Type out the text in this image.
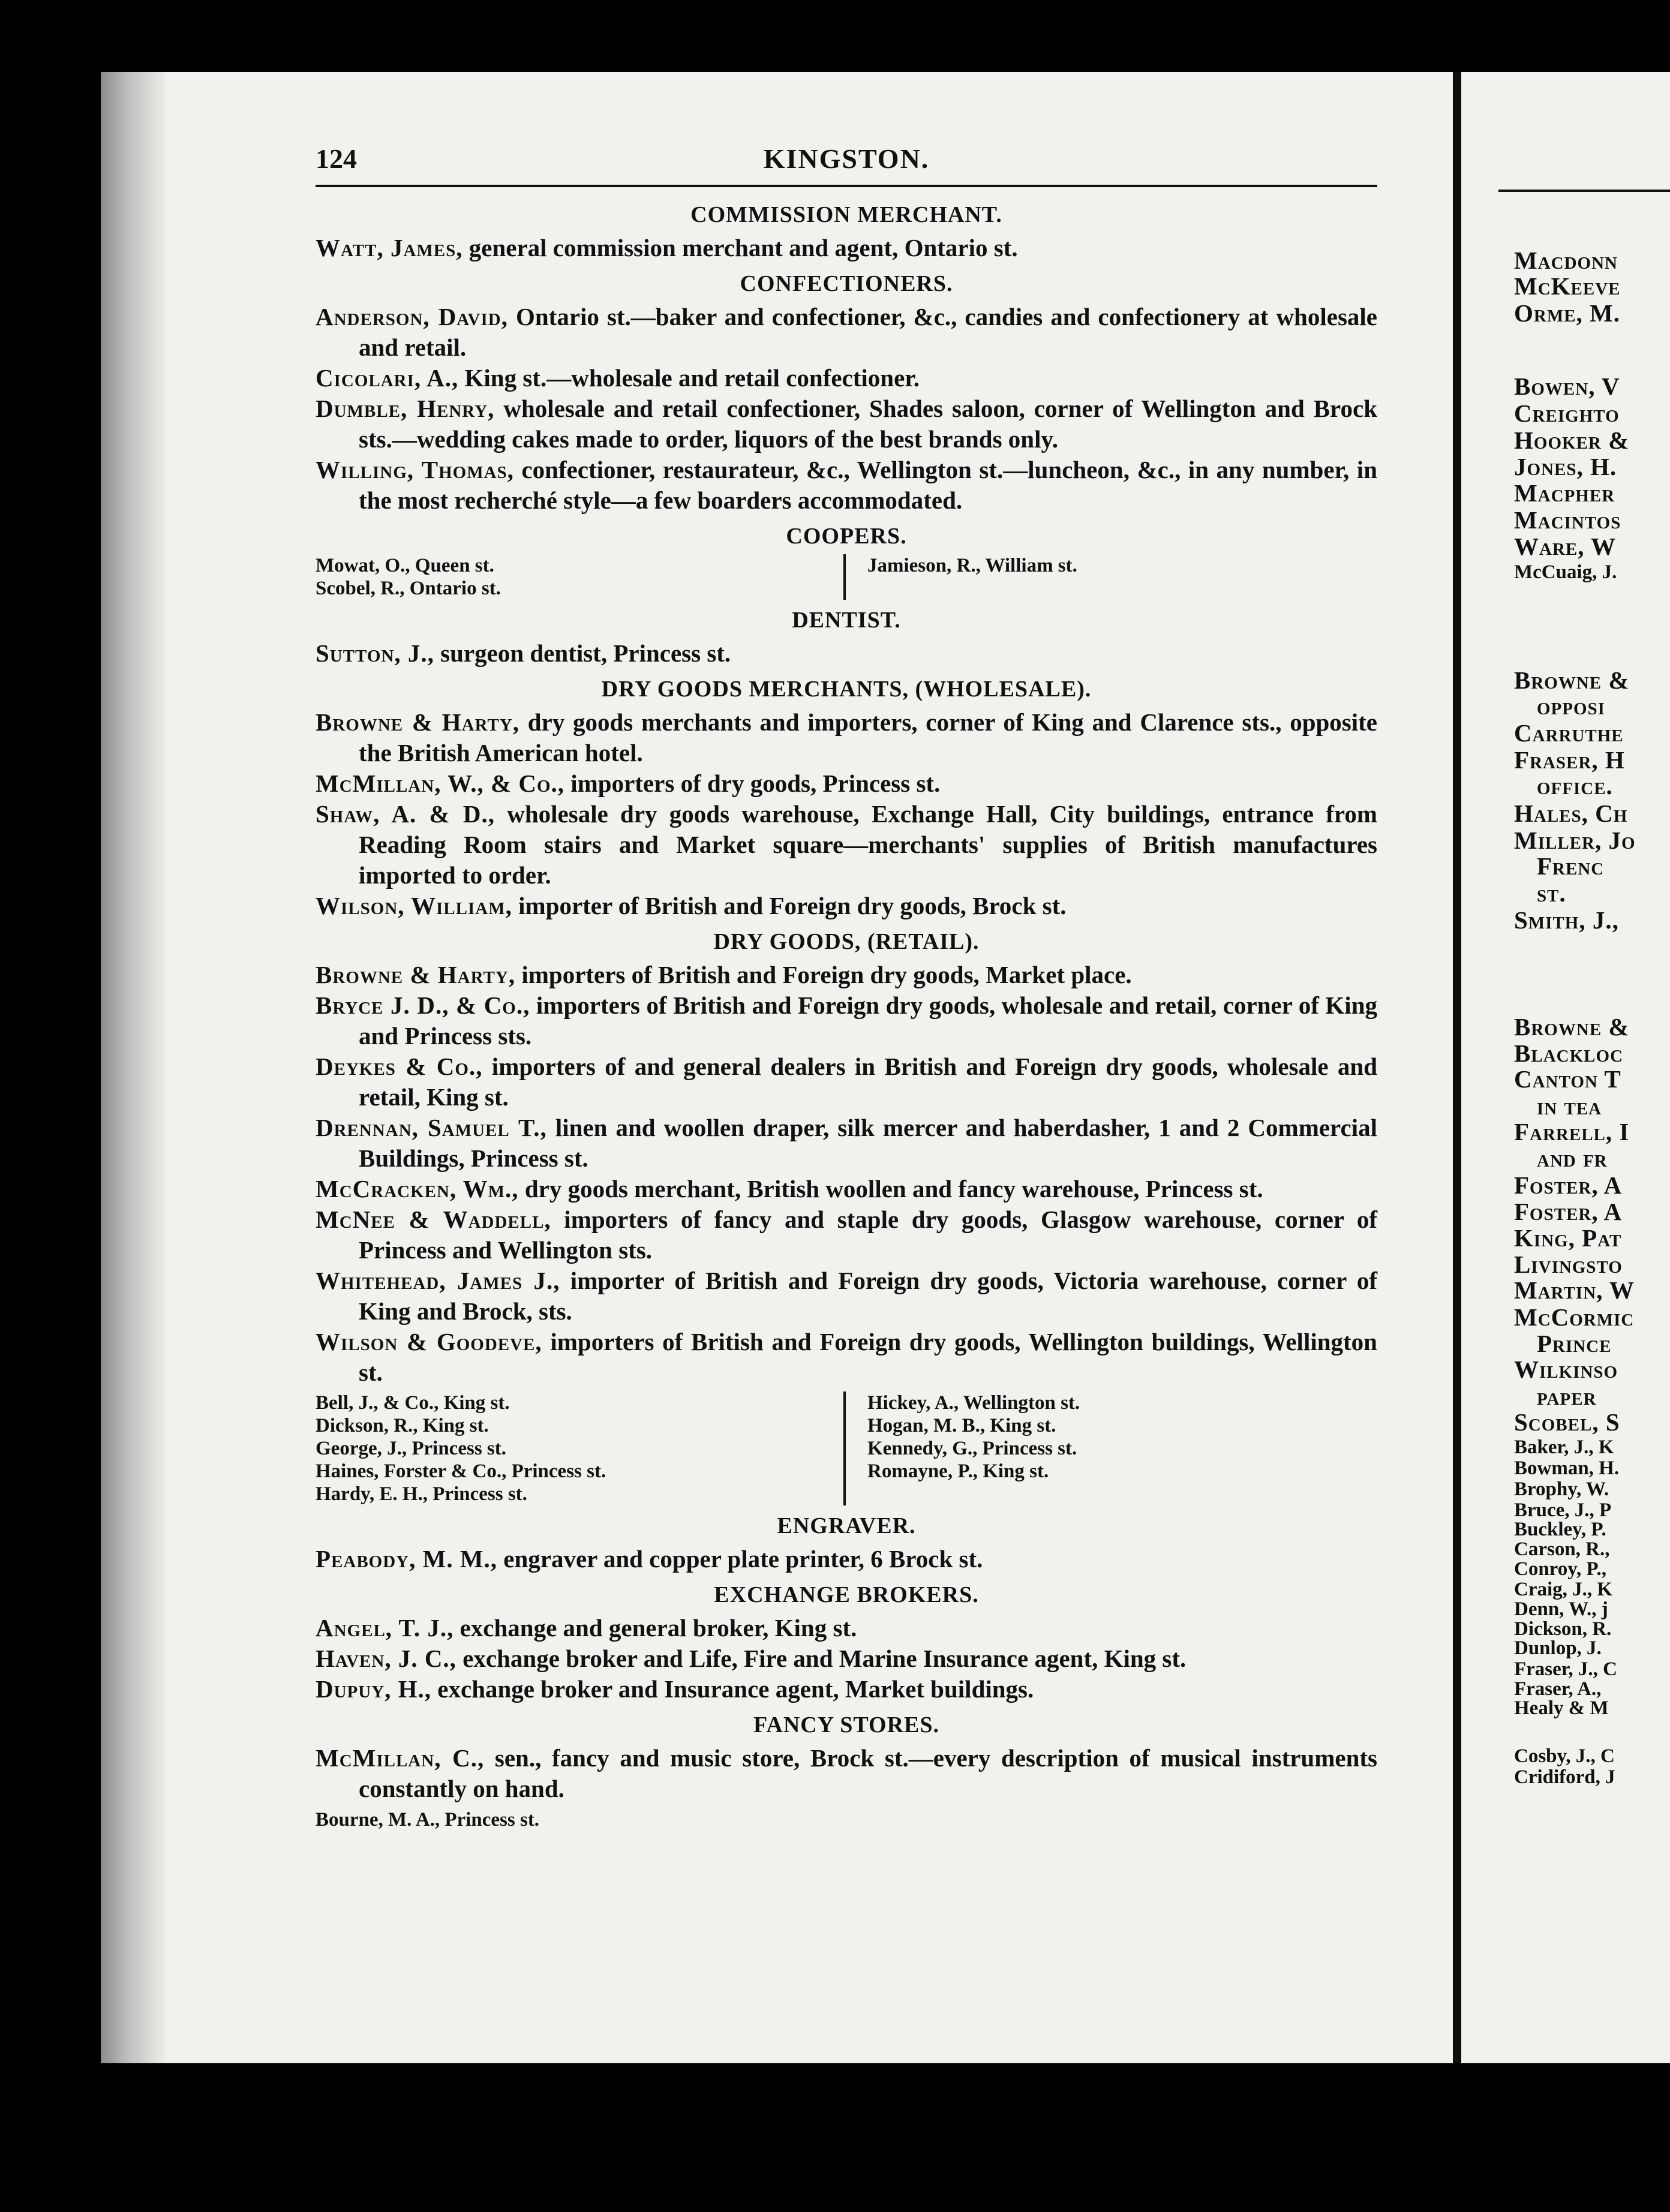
124	KINGSTON.
COMMISSION MERCHANT.

Watt, James, general commission merchant and agent, Ontario st.

CONFECTIONERS.

Anderson, David, Ontario st.—baker and confectioner, &c., candies and confectionery at wholesale and retail.

Cicolari, A., King st.—wholesale and retail confectioner.

Dumble, Henry, wholesale and retail confectioner, Shades saloon, corner of Wellington and Brock sts.—wedding cakes made to order, liquors of the best brands only.

Willing, Thomas, confectioner, restaurateur, &c., Wellington st.—luncheon, &c., in any number, in the most recherché style—a few boarders accommodated.

COOPERS.
Mowat, O., Queen st.
Scobel, R., Ontario st.
Jamieson, R., William st.
DENTIST.

Sutton, J., surgeon dentist, Princess st.

DRY GOODS MERCHANTS, (WHOLESALE).

Browne & Harty, dry goods merchants and importers, corner of King and Clarence sts., opposite the British American hotel.

McMillan, W., & Co., importers of dry goods, Princess st.

Shaw, A. & D., wholesale dry goods warehouse, Exchange Hall, City buildings, entrance from Reading Room stairs and Market square—merchants' supplies of British manufactures imported to order.

Wilson, William, importer of British and Foreign dry goods, Brock st.

DRY GOODS, (RETAIL).

Browne & Harty, importers of British and Foreign dry goods, Market place.

Bryce J. D., & Co., importers of British and Foreign dry goods, wholesale and retail, corner of King and Princess sts.

Deykes & Co., importers of and general dealers in British and Foreign dry goods, wholesale and retail, King st.

Drennan, Samuel T., linen and woollen draper, silk mercer and haberdasher, 1 and 2 Commercial Buildings, Princess st.

McCracken, Wm., dry goods merchant, British woollen and fancy warehouse, Princess st.

McNee & Waddell, importers of fancy and staple dry goods, Glasgow warehouse, corner of Princess and Wellington sts.

Whitehead, James J., importer of British and Foreign dry goods, Victoria warehouse, corner of King and Brock, sts.

Wilson & Goodeve, importers of British and Foreign dry goods, Wellington buildings, Wellington st.

Bell, J., & Co., King st.
Dickson, R., King st.
George, J., Princess st.
Haines, Forster & Co., Princess st.
Hardy, E. H., Princess st.
Hickey, A., Wellington st.
Hogan, M. B., King st.
Kennedy, G., Princess st.
Romayne, P., King st.
ENGRAVER.

Peabody, M. M., engraver and copper plate printer, 6 Brock st.

EXCHANGE BROKERS.

Angel, T. J., exchange and general broker, King st.

Haven, J. C., exchange broker and Life, Fire and Marine Insurance agent, King st.

Dupuy, H., exchange broker and Insurance agent, Market buildings.

FANCY STORES.

McMillan, C., sen., fancy and music store, Brock st.—every description of musical instruments constantly on hand.

Bourne, M. A., Princess st.
Macdonn
McKeeve
Orme, M.
Bowen, V
Creighto
Hooker &
Jones, H.
Macpher
Macintos
Ware, W
McCuaig, J.
Browne &
opposi
Carruthe
Fraser, H
office.
Hales, Ch
Miller, Jo
Frenc
st.
Smith, J.,
Browne &
Blackloc
Canton T
in tea
Farrell, I
and fr
Foster, A
Foster, A
King, Pat
Livingsto
Martin, W
McCormic
Prince
Wilkinso
paper
Scobel, S
Baker, J., K
Bowman, H.
Brophy, W.
Bruce, J., P
Buckley, P.
Carson, R.,
Conroy, P.,
Craig, J., K
Denn, W., j
Dickson, R.
Dunlop, J.
Fraser, J., C
Fraser, A.,
Healy & M
Cosby, J., C
Cridiford, J
